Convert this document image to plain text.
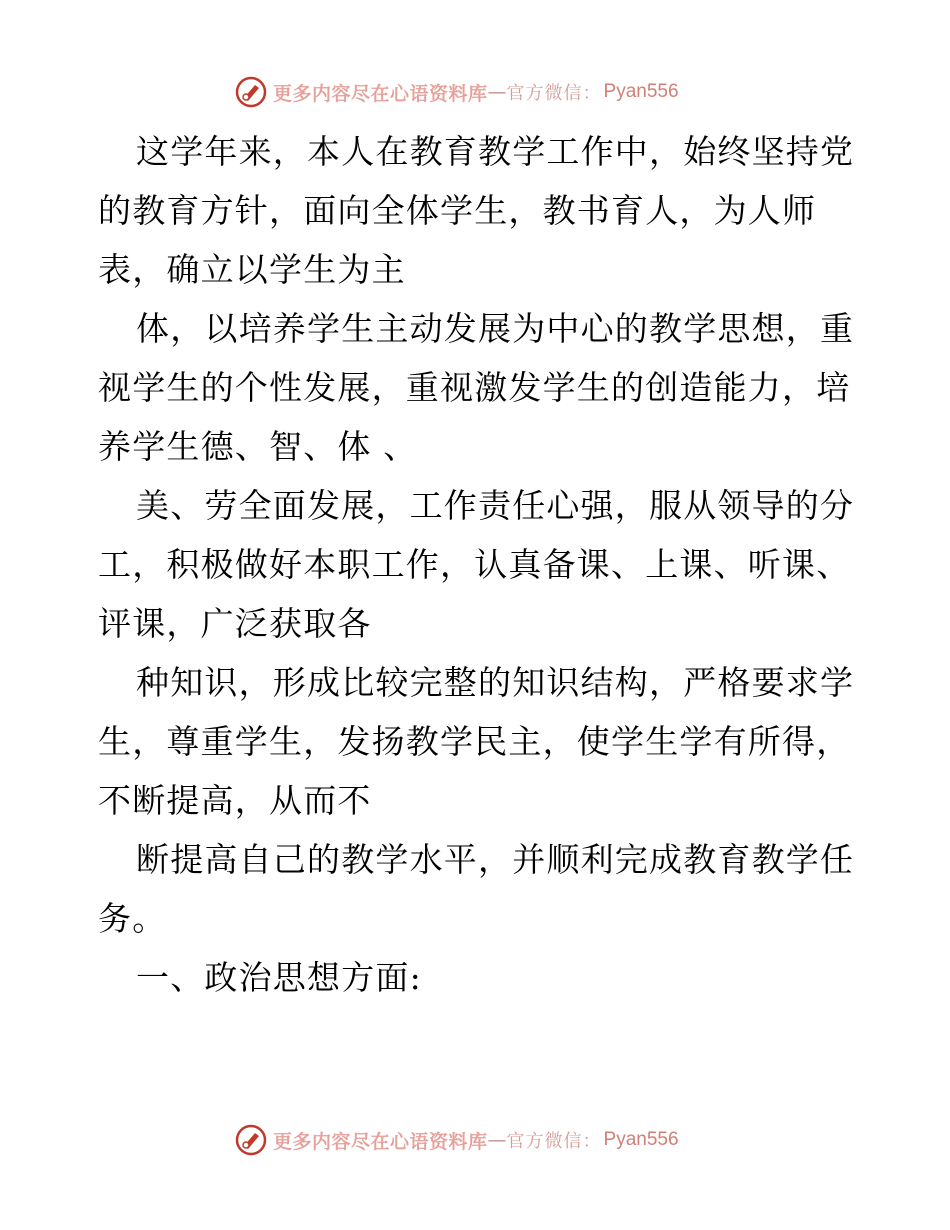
更多内容尽在心语资料库 — 官方微信： Pyan556
这学年来，本人在教育教学工作中，始终坚持党
的教育方针，面向全体学生，教书育人，为人师
表，确立以学生为主
体，以培养学生主动发展为中心的教学思想，重
视学生的个性发展，重视激发学生的创造能力，培
养学生德、智、体 、
美、劳全面发展，工作责任心强，服从领导的分
工，积极做好本职工作，认真备课、上课、听课、
评课，广泛获取各
种知识，形成比较完整的知识结构，严格要求学
生，尊重学生，发扬教学民主，使学生学有所得，
不断提高，从而不
断提高自己的教学水平，并顺利完成教育教学任
务。
一、政治思想方面:
更多内容尽在心语资料库 — 官方微信： Pyan556
